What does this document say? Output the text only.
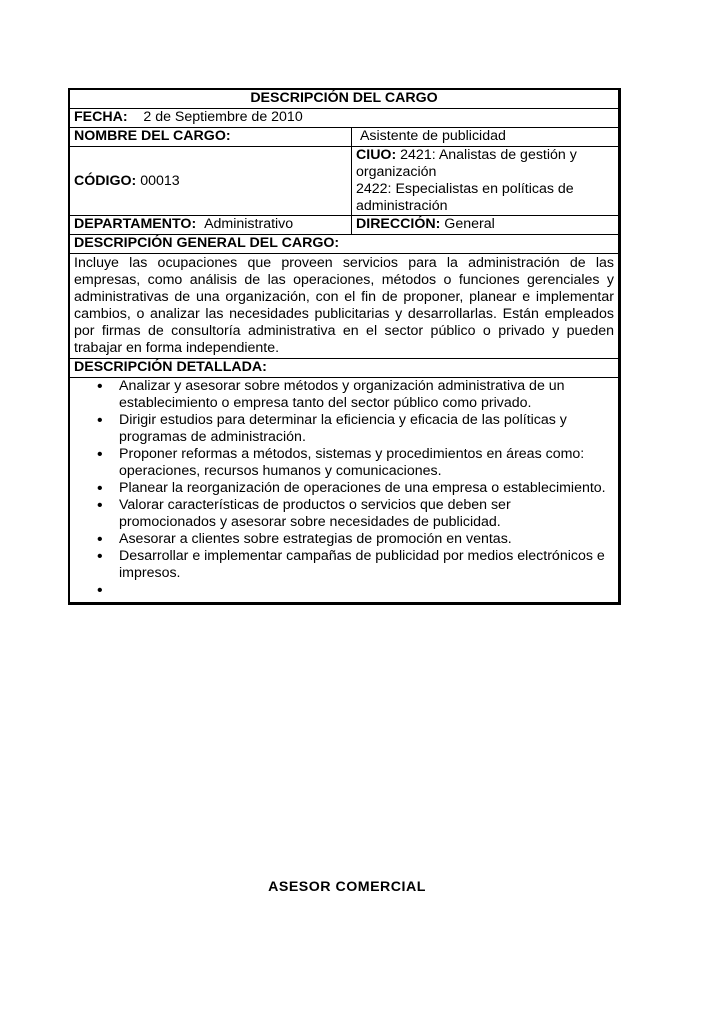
DESCRIPCIÓN DEL CARGO
FECHA: 2 de Septiembre de 2010
NOMBRE DEL CARGO:	Asistente de publicidad
CÓDIGO:
00013
CIUO: 2421: Analistas de gestión y organización
2422: Especialistas en políticas de administración
DEPARTAMENTO: Administrativo	DIRECCIÓN: General
DESCRIPCIÓN GENERAL DEL CARGO:
Incluye las ocupaciones que proveen servicios para la administración de las empresas, como análisis de las operaciones, métodos o funciones gerenciales y administrativas de una organización, con el fin de proponer, planear e implementar cambios, o analizar las necesidades publicitarias y desarrollarlas. Están empleados por firmas de consultoría administrativa en el sector público o privado y pueden trabajar en forma independiente.
DESCRIPCIÓN DETALLADA:
• Analizar y asesorar sobre métodos y organización administrativa de un establecimiento o empresa tanto del sector público como privado.
• Dirigir estudios para determinar la eficiencia y eficacia de las políticas y programas de administración.
• Proponer reformas a métodos, sistemas y procedimientos en áreas como: operaciones, recursos humanos y comunicaciones.
• Planear la reorganización de operaciones de una empresa o establecimiento.
• Valorar características de productos o servicios que deben ser promocionados y asesorar sobre necesidades de publicidad.
• Asesorar a clientes sobre estrategias de promoción en ventas.
• Desarrollar e implementar campañas de publicidad por medios electrónicos e impresos.
•
ASESOR COMERCIAL
